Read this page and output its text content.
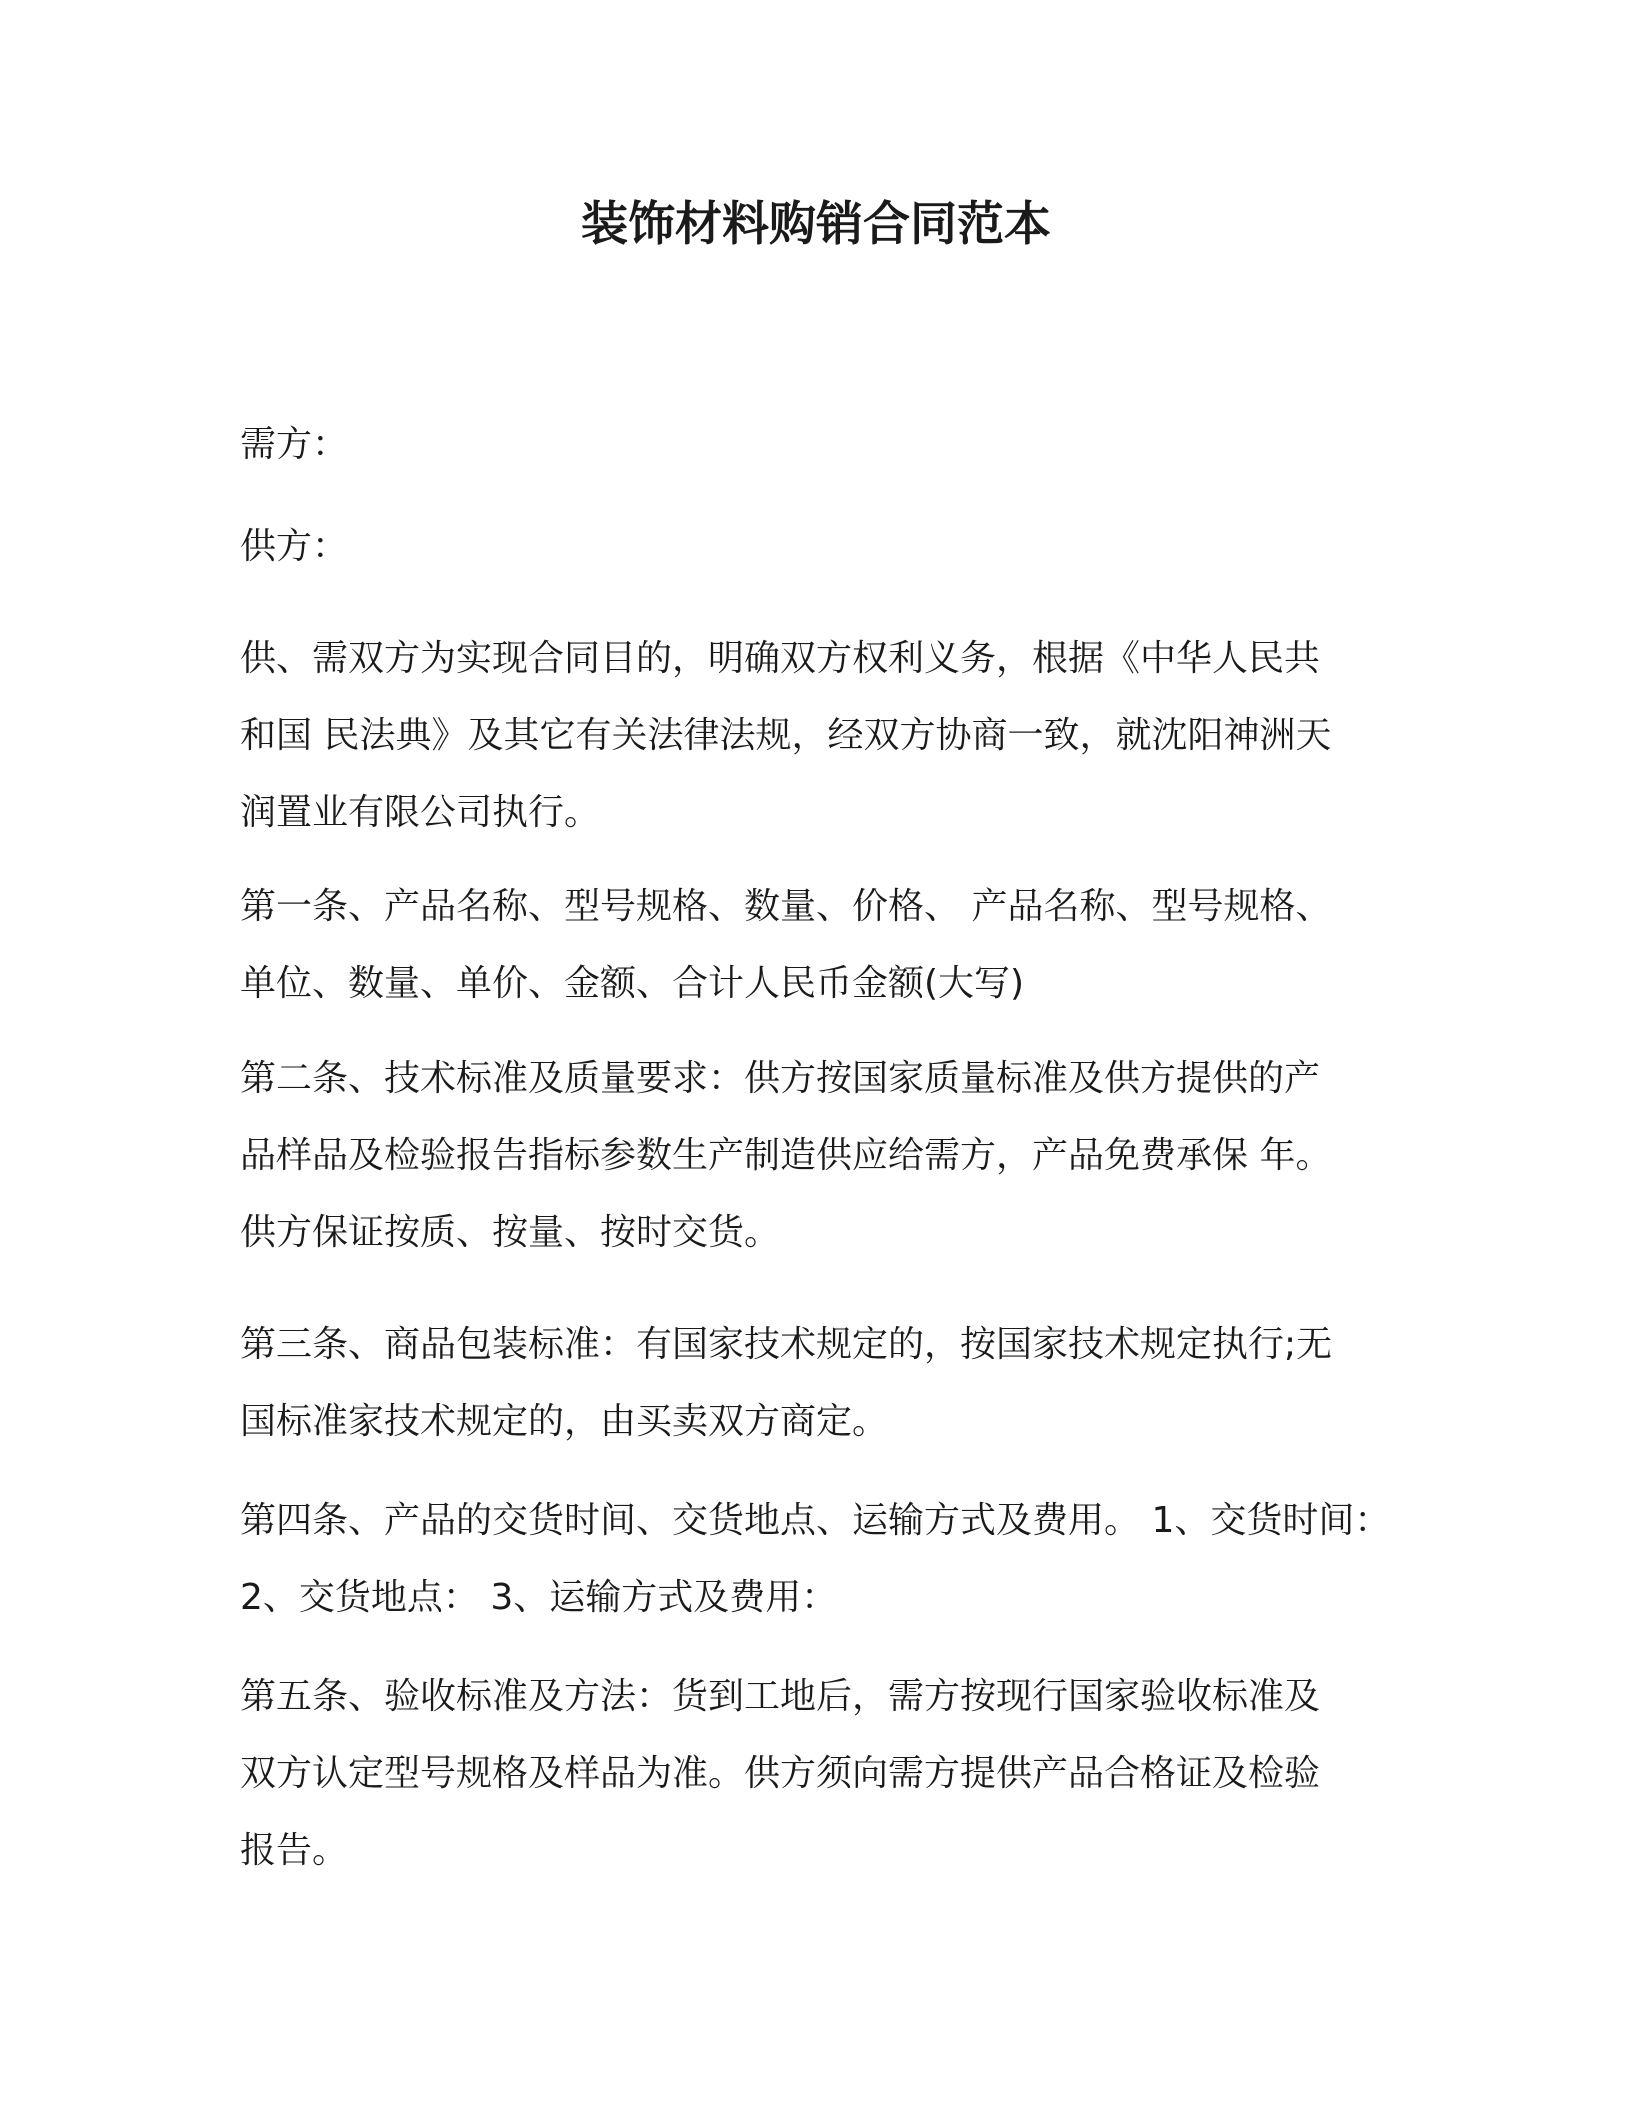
装饰材料购销合同范本

需方：

供方：

供、需双方为实现合同目的，明确双方权利义务，根据《中华人民共
和国 民法典》及其它有关法律法规，经双方协商一致，就沈阳神洲天
润置业有限公司执行。

第一条、产品名称、型号规格、数量、价格、 产品名称、型号规格、
单位、数量、单价、金额、合计人民币金额(大写)

第二条、技术标准及质量要求：供方按国家质量标准及供方提供的产
品样品及检验报告指标参数生产制造供应给需方，产品免费承保 年。
供方保证按质、按量、按时交货。

第三条、商品包装标准：有国家技术规定的，按国家技术规定执行;无
国标准家技术规定的，由买卖双方商定。

第四条、产品的交货时间、交货地点、运输方式及费用。 1、交货时间：
2、交货地点： 3、运输方式及费用：

第五条、验收标准及方法：货到工地后，需方按现行国家验收标准及
双方认定型号规格及样品为准。供方须向需方提供产品合格证及检验
报告。
